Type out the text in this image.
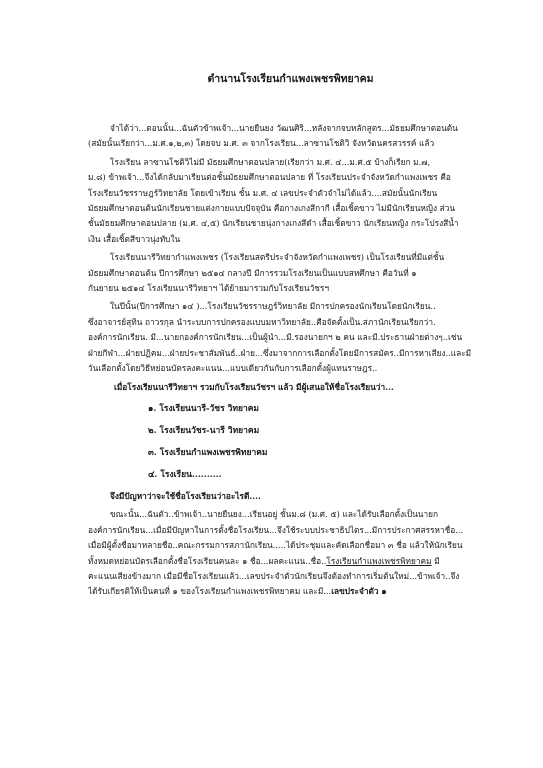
ตำนานโรงเรียนกำแพงเพชรพิทยาคม
จำได้ว่า...ตอนนั้น...ฉันตัวข้าพเจ้า...นายยืนยง วัฒนศิริ...หลังจากจบหลักสูตร...มัธยมศึกษาตอนต้น
(สมัยนั้นเรียกว่า...ม.ศ.๑,๒,๓) โดยจบ ม.ศ. ๓ จากโรงเรียน...ลาซานโชติวิ จังหวัดนครสวรรค์ แล้ว
โรงเรียน ลาซานโชติวิไม่มี มัธยมศึกษาตอนปลาย(เรียกว่า ม.ศ. ๔...ม.ศ.๕ บ้างก็เรียก ม.๗,
ม.๘) ข้าพเจ้า...จึงได้กลับมาเรียนต่อชั้นมัธยมศึกษาตอนปลาย ที่ โรงเรียนประจำจังหวัดกำแพงเพชร คือ
โรงเรียนวัชรราษฎร์วิทยาลัย โดยเข้าเรียน ชั้น ม.ศ. ๔ เลขประจำตัวจำไม่ได้แล้ว....สมัยนั้นนักเรียน
มัธยมศึกษาตอนต้นนักเรียนชายแต่งกายแบบปัจจุบัน คือกางเกงสีกากี เสื้อเชิ้ตขาว ไม่มีนักเรียนหญิง ส่วน
ชั้นมัธยมศึกษาตอนปลาย (ม.ศ. ๔,๕) นักเรียนชายนุ่งกางเกงสีดำ เสื้อเชิ้ตขาว นักเรียนหญิง กระโปรงสีน้ำ
เงิน เสื้อเชิ้ตสีขาวนุ่งทับใน
โรงเรียนนารีวิทยากำแพงเพชร (โรงเรียนสตรีประจำจังหวัดกำแพงเพชร) เป็นโรงเรียนที่มีแต่ชั้น
มัธยมศึกษาตอนต้น ปีการศึกษา ๒๕๑๔ กลางปี มีการรวมโรงเรียนเป็นแบบสหศึกษา คือวันที่ ๑
กันยายน ๒๕๑๔ โรงเรียนนารีวิทยาฯ ได้ย้ายมารวมกับโรงเรียนวัชรฯ
ในปีนั้น(ปีการศึกษา ๑๔ )...โรงเรียนวัชรราษฎร์วิทยาลัย มีการปกครองนักเรียนโดยนักเรียน..
ซึ่งอาจารย์สุทิน ถาวรกุล นำระบบการปกครองแบบมหาวิทยาลัย..คือจัดตั้งเป็น.สภานักเรียนเรียกว่า.
องค์การนักเรียน. มี...นายกองค์การนักเรียน...เป็นผู้นำ...มี.รองนายกฯ ๒ คน และมี.ประธานฝ่ายต่างๆ..เช่น
ฝ่ายกีฬา...ฝ่ายปฏิคม...ฝ่ายประชาสัมพันธ์..ฝ่าย...ซึ่งมาจากการเลือกตั้งโดยมีการสมัคร..มีการหาเสียง..และมี
วันเลือกตั้งโดยวิธีหย่อนบัตรลงคะแนน...แบบเดียวกันกับการเลือกตั้งผู้แทนราษฎร..
เมื่อโรงเรียนนารีวิทยาฯ รวมกับโรงเรียนวัชรฯ แล้ว มีผู้เสนอให้ชื่อโรงเรียนว่า...
๑. โรงเรียนนารี-วัชร วิทยาคม
๒. โรงเรียนวัชร-นารี วิทยาคม
๓. โรงเรียนกำแพงเพชรพิทยาคม
๔. โรงเรียน..........
จึงมีปัญหาว่าจะใช้ชื่อโรงเรียนว่าอะไรดี....
ขณะนั้น...ฉันตัว..ข้าพเจ้า..นายยืนยง...เรียนอยู่ ชั้นม.๘ (ม.ศ. ๕) และได้รับเลือกตั้งเป็นนายก
องค์การนักเรียน...เมื่อมีปัญหาในการตั้งชื่อโรงเรียน...จึงใช้ระบบประชาธิปไตร...มีการประกาศสรรหาชื่อ...
เมื่อมีผู้ตั้งชื่อมาหลายชื่อ..คณะกรรมการสภานักเรียน.....ได้ประชุมและคัดเลือกชื่อมา ๓ ชื่อ แล้วให้นักเรียน
ทั้งหมดหย่อนบัตรเลือกตั้งชื่อโรงเรียนคนละ ๑ ชื่อ...ผลคะแนน..ชื่อ..โรงเรียนกำแพงเพชรพิทยาคม มี
คะแนนเสียงข้างมาก เมื่อมีชื่อโรงเรียนแล้ว...เลขประจำตัวนักเรียนจึงต้องทำการเริ่มต้นใหม่...ข้าพเจ้า..จึง
ได้รับเกียรติให้เป็นคนที่ ๑ ของโรงเรียนกำแพงเพชรพิทยาคม และมี...เลขประจำตัว ๑
